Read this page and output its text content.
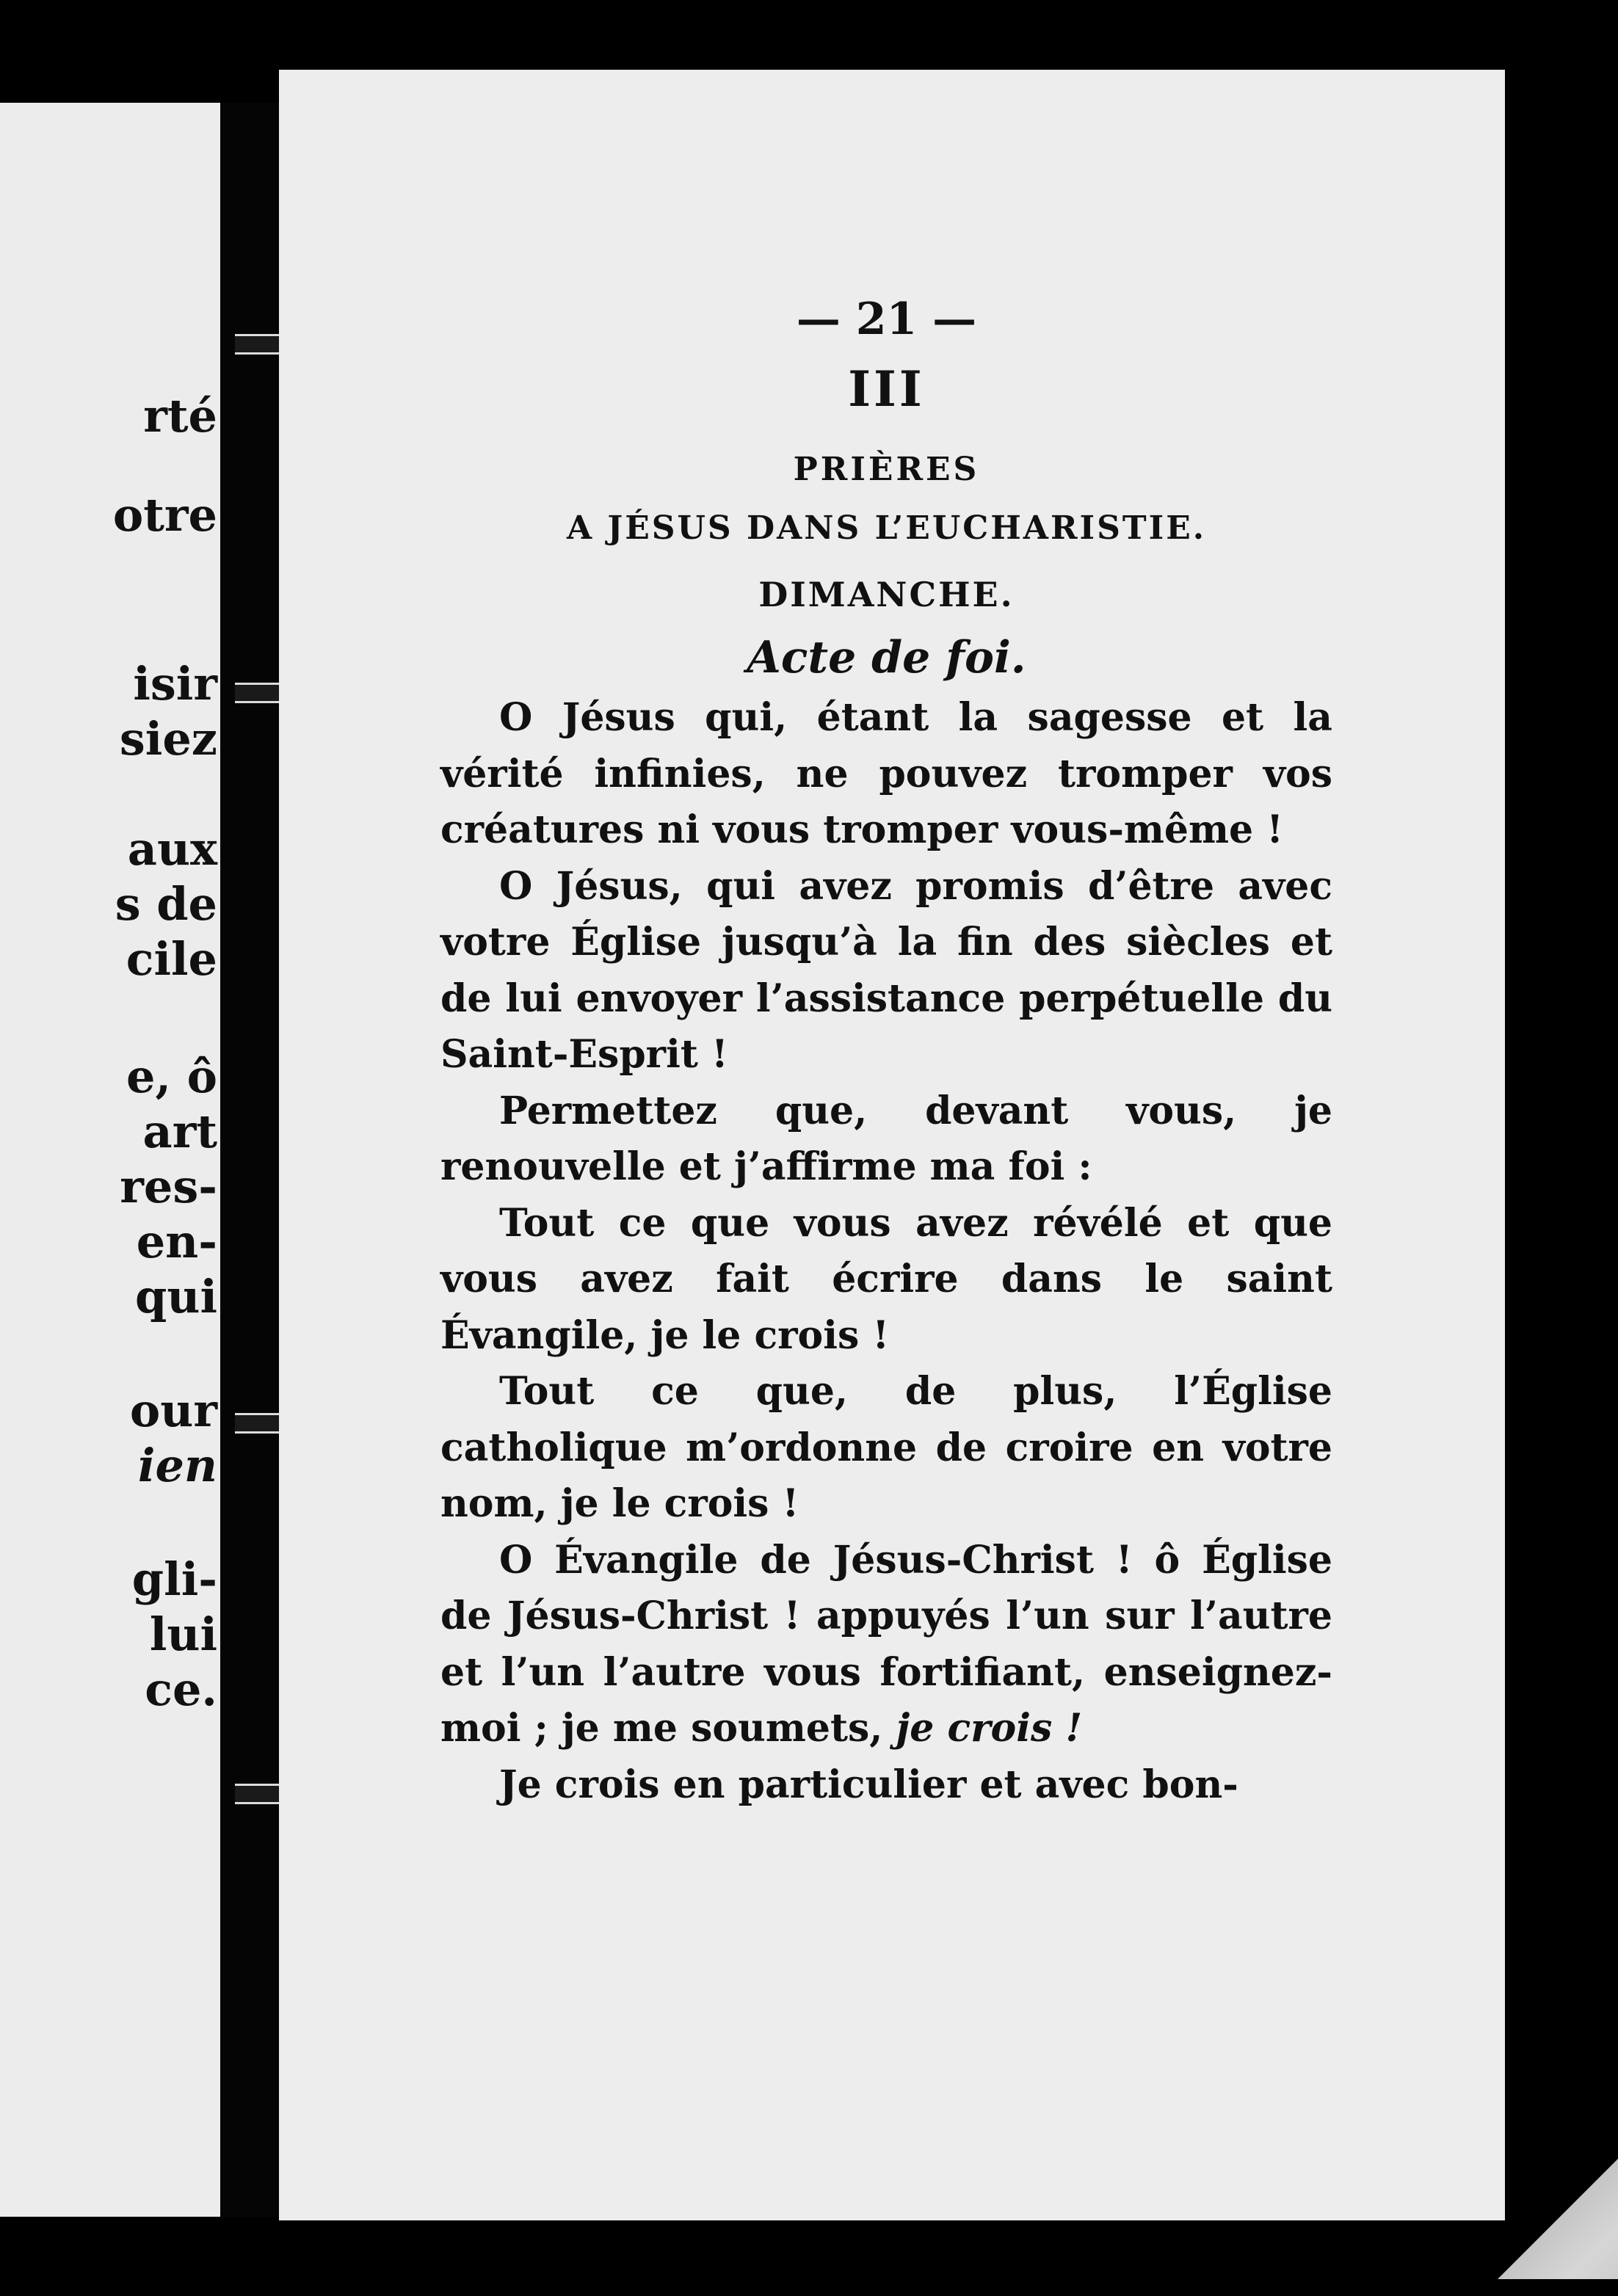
rté
otre
isir
siez
aux
s de
cile
e, ô
art
res-
en-
qui
our
ien
gli-
lui
ce.

— 21 —

III

PRIÈRES

A JÉSUS DANS L’EUCHARISTIE.

DIMANCHE.

Acte de foi.

O Jésus qui, étant la sagesse et la vérité infinies, ne pouvez tromper vos créatures ni vous tromper vous-même !

O Jésus, qui avez promis d’être avec votre Église jusqu’à la fin des siècles et de lui envoyer l’assistance perpétuelle du Saint-Esprit !

Permettez que, devant vous, je renouvelle et j’affirme ma foi :

Tout ce que vous avez révélé et que vous avez fait écrire dans le saint Évangile, je le crois !

Tout ce que, de plus, l’Église catholique m’ordonne de croire en votre nom, je le crois !

O Évangile de Jésus-Christ ! ô Église de Jésus-Christ ! appuyés l’un sur l’autre et l’un l’autre vous fortifiant, enseignez-moi ; je me soumets, je crois !

Je crois en particulier et avec bon-
